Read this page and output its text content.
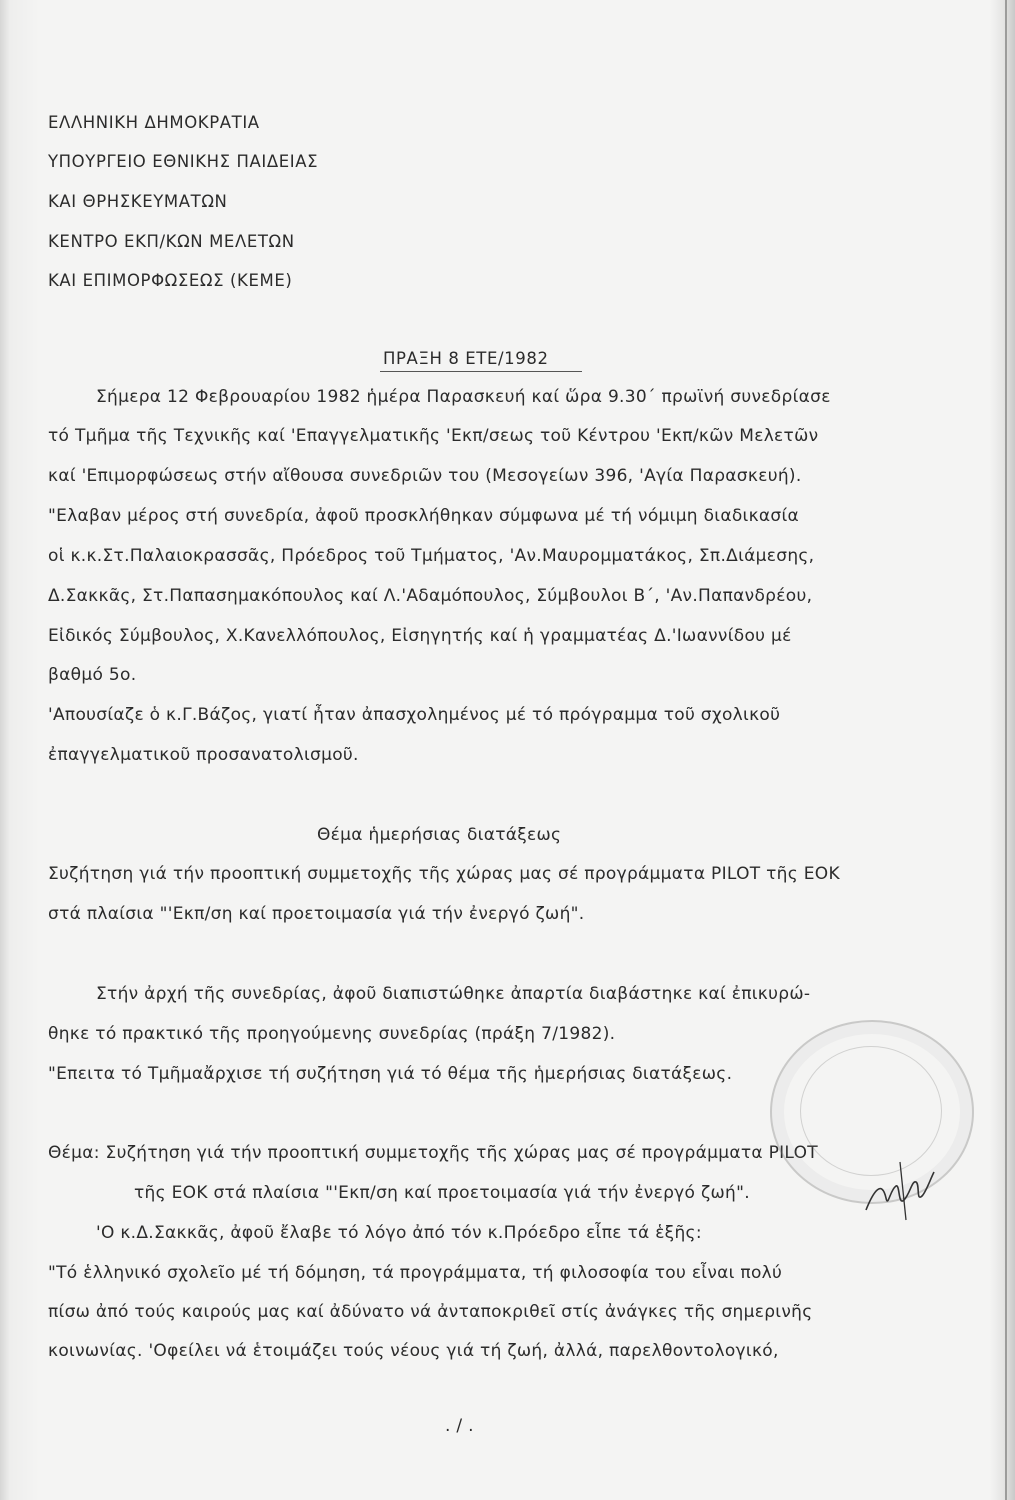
ΕΛΛΗΝΙΚΗ ΔΗΜΟΚΡΑΤΙΑ
ΥΠΟΥΡΓΕΙΟ ΕΘΝΙΚΗΣ ΠΑΙΔΕΙΑΣ
ΚΑΙ ΘΡΗΣΚΕΥΜΑΤΩΝ
ΚΕΝΤΡΟ ΕΚΠ/ΚΩΝ ΜΕΛΕΤΩΝ
ΚΑΙ ΕΠΙΜΟΡΦΩΣΕΩΣ (ΚΕΜΕ)
ΠΡΑΞΗ 8 ΕΤΕ/1982
Σήμερα 12 Φεβρουαρίου 1982 ἡμέρα Παρασκευή καί ὥρα 9.30΄ πρωϊνή συνεδρίασε
τό Τμῆμα τῆς Τεχνικῆς καί 'Επαγγελματικῆς 'Εκπ/σεως τοῦ Κέντρου 'Εκπ/κῶν Μελετῶν
καί 'Επιμορφώσεως στήν αἴθουσα συνεδριῶν του (Μεσογείων 396, 'Αγία Παρασκευή).
"Ελαβαν μέρος στή συνεδρία, ἀφοῦ προσκλήθηκαν σύμφωνα μέ τή νόμιμη διαδικασία
οἱ κ.κ.Στ.Παλαιοκρασσᾶς, Πρόεδρος τοῦ Τμήματος, 'Αν.Μαυρομματάκος, Σπ.Διάμεσης,
Δ.Σακκᾶς, Στ.Παπασημακόπουλος καί Λ.'Αδαμόπουλος, Σύμβουλοι Β΄, 'Αν.Παπανδρέου,
Εἰδικός Σύμβουλος, Χ.Κανελλόπουλος, Εἰσηγητής καί ἡ γραμματέας Δ.'Ιωαννίδου μέ
βαθμό 5ο.
'Απουσίαζε ὁ κ.Γ.Βάζος, γιατί ἦταν ἀπασχολημένος μέ τό πρόγραμμα τοῦ σχολικοῦ
ἐπαγγελματικοῦ προσανατολισμοῦ.
Θέμα ἡμερήσιας διατάξεως
Συζήτηση γιά τήν προοπτική συμμετοχῆς τῆς χώρας μας σέ προγράμματα PILOT τῆς ΕΟΚ
στά πλαίσια "'Εκπ/ση καί προετοιμασία γιά τήν ἐνεργό ζωή".
Στήν ἀρχή τῆς συνεδρίας, ἀφοῦ διαπιστώθηκε ἀπαρτία διαβάστηκε καί ἐπικυρώ-
θηκε τό πρακτικό τῆς προηγούμενης συνεδρίας (πράξη 7/1982).
"Επειτα τό Τμῆμαἄρχισε τή συζήτηση γιά τό θέμα τῆς ἡμερήσιας διατάξεως.
Θέμα: Συζήτηση γιά τήν προοπτική συμμετοχῆς τῆς χώρας μας σέ προγράμματα PILOT
τῆς ΕΟΚ στά πλαίσια "'Εκπ/ση καί προετοιμασία γιά τήν ἐνεργό ζωή".
'Ο κ.Δ.Σακκᾶς, ἀφοῦ ἔλαβε τό λόγο ἀπό τόν κ.Πρόεδρο εἶπε τά ἑξῆς:
"Τό ἑλληνικό σχολεῖο μέ τή δόμηση, τά προγράμματα, τή φιλοσοφία του εἶναι πολύ
πίσω ἀπό τούς καιρούς μας καί ἀδύνατο νά ἀνταποκριθεῖ στίς ἀνάγκες τῆς σημερινῆς
κοινωνίας. 'Οφείλει νά ἑτοιμάζει τούς νέους γιά τή ζωή, ἀλλά, παρελθοντολογικό,
. / .
